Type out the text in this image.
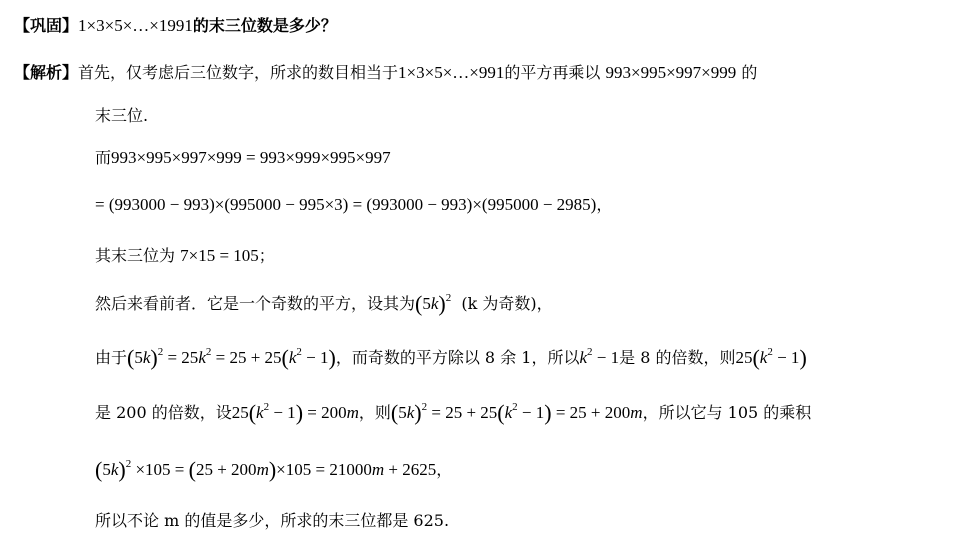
【巩固】1×3×5×…×1991的末三位数是多少？
【解析】首先，仅考虑后三位数字，所求的数目相当于1×3×5×…×991的平方再乘以 993×995×997×999 的
末三位.
而993×995×997×999 = 993×999×995×997
= (993000 − 993)×(995000 − 995×3) = (993000 − 993)×(995000 − 2985)，
其末三位为 7×15 = 105；
然后来看前者．它是一个奇数的平方，设其为$(5k)^2$ (k 为奇数)，
由于$(5k)^2 = 25k^2 = 25 + 25(k^2 - 1)$，而奇数的平方除以 8 余 1，所以$k^2 - 1$是 8 的倍数，则$25(k^2 - 1)$
是 200 的倍数，设$25(k^2 - 1) = 200m$，则$(5k)^2 = 25 + 25(k^2 - 1) = 25 + 200m$，所以它与 105 的乘积
$(5k)^2 \times 105 = (25 + 200m)\times 105 = 21000m + 2625$，
所以不论 m 的值是多少，所求的末三位都是 625.
